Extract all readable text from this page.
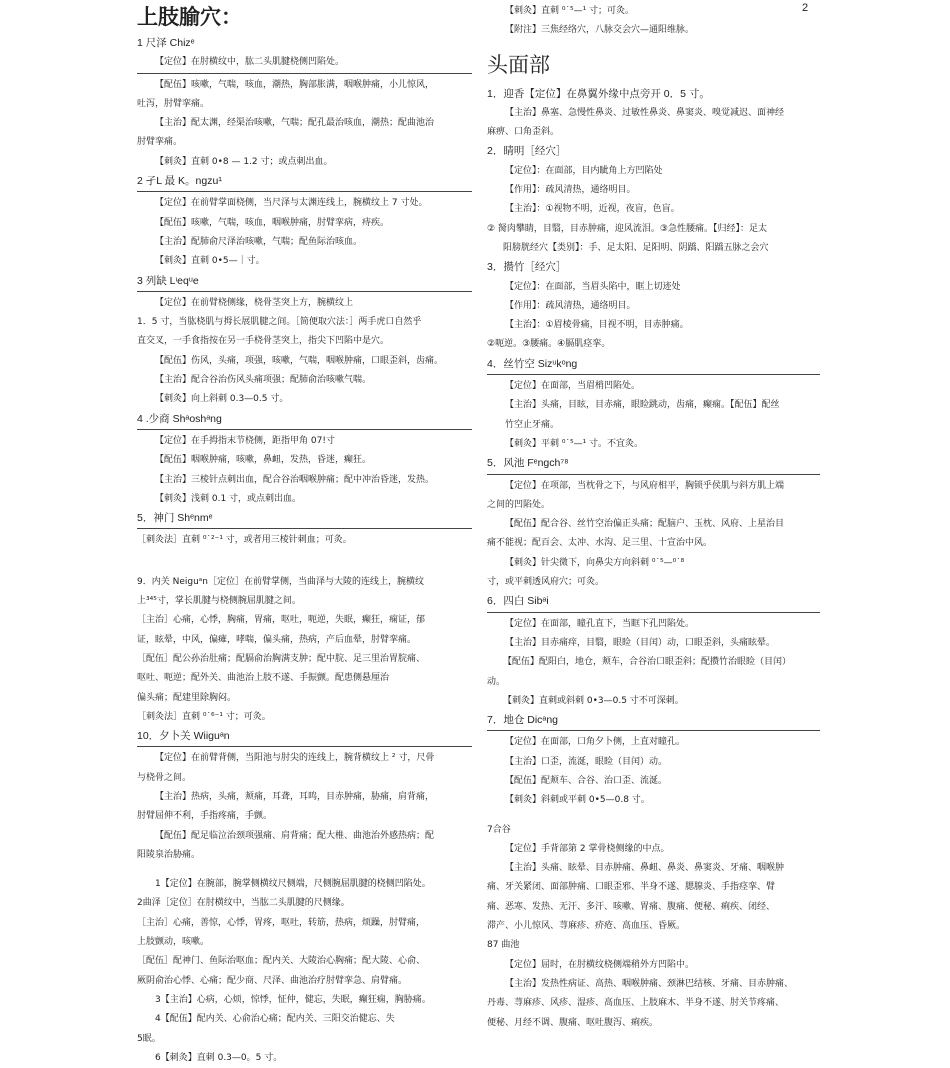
2
上肢腧穴：
1 尺泽 Chizᵉ
【定位】在肘横纹中，肱二头肌腱桡侧凹陷处。
【配伍】咳嗽，气喘，咳血，潮热，胸部胀满，咽喉肿痛，小儿惊风，
吐泻，肘臂挛痛。
【主治】配太渊，经渠治咳嗽，气喘；配孔最治咳血，潮热；配曲池治
肘臂挛痛。
【刺灸】直刺 0•8 — 1.2 寸；或点刺出血。
2 孑L 最 K。ngzu¹
【定位】在前臂掌面桡侧，当尺泽与太渊连线上，腕横纹上 7 寸处。
【配伍】咳嗽，气喘，咳血，咽喉肿痛，肘臂挛病，痔疾。
【主治】配肺俞尺泽治咳嗽，气喘；配鱼际治咳血。
【刺灸】直刺 0•5—｜寸。
3 列缺 Lᶦeqᵘe
【定位】在前臂桡侧缘，桡骨茎突上方，腕横纹上
1．5 寸，当肱桡肌与拇长展肌腱之间。［简便取穴法：］两手虎口自然乎
直交叉，一手食指按在另一手桡骨茎突上，指尖下凹陷中是穴。
【配伍】伤风，头痛，项强，咳嗽，气喘，咽喉肿痛，口眼歪斜，齿痛。
【主治】配合谷治伤风头痛项强；配肺俞治咳嗽气喘。
【刺灸】向上斜刺 0.3—0.5 寸。
4 .少商 Shᵃoshᵃng
【定位】在手拇指末节桡侧，距指甲角 07!寸
【配伍】咽喉肿痛，咳嗽，鼻衄，发热，昏迷，癫狂。
【主治】三棱针点刺出血，配合谷治咽喉肿痛；配中冲治昏迷，发热。
【刺灸】浅刺 0.1 寸，或点刺出血。
5．神门 Shᵉnmᵉ
［刺灸法］直刺 ⁰˙²⁻¹ 寸，或者用三棱针刺血；可灸。
9．内关 Neiguᵃn［定位］在前臂掌侧，当曲泽与大陵的连线上，腕横纹
上³⁴⁵寸，掌长肌腱与桡侧腕屈肌腱之间。
［主治］心痛，心悸，胸痛，胃痛，呕吐，呃逆，失眠，癫狂，痫证，郁
证，眩晕，中风，偏瘫，哮喘，偏头痛，热病，产后血晕，肘臂挛痛。
［配伍］配公孙治肚痛；配膈俞治胸满支肿；配中脘、足三里治胃脘痛、
呕吐、呃逆；配外关、曲池治上肢不遂、手振颤。配患侧悬厘治
偏头痛；配建里除胸闷。
［刺灸法］直刺 ⁰˙⁶⁻¹ 寸；可灸。
10．夕卜关 Wiiguᵃn
【定位】在前臂背侧，当阳池与肘尖的连线上，腕背横纹上 ² 寸，尺骨
与桡骨之间。
【主治】热病，头痛，颊痛，耳聋，耳鸣，目赤肿痛，胁痛，肩背痛，
肘臂屈伸不利，手指疼痛，手颤。
【配伍】配足临泣治颈项强痛、肩背痛；配大椎、曲池治外感热病；配
阳陵泉治胁痛。
1【定位】在腕部，腕掌侧横纹尺侧端，尺侧腕屈肌腱的桡侧凹陷处。
2曲泽［定位］在肘横纹中，当肱二头肌腱的尺侧缘。
［主治］心痛，善惊，心悸，胃疼，呕吐，转筋，热病，烦躁，肘臂痛，
上肢颤动，咳嗽。
［配伍］配神门、鱼际治呕血；配内关、大陵治心胸痛；配大陵、心俞、
厥阴俞治心悸、心痛；配少商、尺泽、曲池治疗肘臂挛急、肩臂痛。
3【主治】心病，心烦，惊悸，怔仲，健忘，失眠，癫狂痫，胸胁痛。
4【配伍】配内关、心俞治心痛；配内关、三阳交治健忘、失
5眠。
6【刺灸】直刺 0.3—0。5 寸。
【刺灸】直刺 ⁰˙⁵—¹ 寸；可灸。
【附注】三焦经络穴，八脉交会穴—通阳维脉。
头面部
1．迎香【定位】在鼻翼外缘中点旁开 0．5 寸。
【主治】鼻塞、急慢性鼻炎、过敏性鼻炎、鼻窦炎、嗅觉减迟、面神经
麻痹、口角歪斜。
2．睛明［经穴］
【定位】：在面部，目内眦角上方凹陷处
【作用】：疏风清热，通络明目。
【主治】：①视物不明，近视，夜盲，色盲。
② 胬肉攀睛，目翳，目赤肿痛，迎风流泪。③急性腰痛。【归经】：足太
阳膀胱经穴【类别】：手、足太阳、足阳明、阴蹻、阳蹻五脉之会穴
3．攒竹［经穴］
【定位】：在面部，当眉头陷中，眶上切迹处
【作用】：疏风清热，通络明目。
【主治】：①眉棱骨痛，目视不明，目赤肿痛。
②呃逆。③腰痛。④膈肌痉挛。
4．丝竹空 Sizᵘkᵒng
【定位】在面部，当眉梢凹陷处。
【主治】头痛，目眩，目赤痛，眼睑跳动，齿痛，癫痫。【配伍】配丝
竹空止牙痛。
【刺灸】平刺 ⁰˙⁵—¹ 寸。不宜灸。
5．风池 Fᵉngch⁷⁸
【定位】在项部，当枕骨之下，与风府相平，胸锁乎侯肌与斜方肌上端
之间的凹陷处。
【配伍】配合谷、丝竹空治偏正头痛；配脑户、玉枕、风府、上星治目
痛不能视；配百会、太冲、水沟、足三里、十宣治中风。
【刺灸】针尖微下，向鼻尖方向斜刺 ⁰˙⁵—⁰˙⁸
寸，或平刺透风府穴；可灸。
6．四白 Sibᵃi
【定位】在面部，瞳孔直下，当眶下孔凹陷处。
【主治】目赤痛痒，目翳，眼睑（目闰）动，口眼歪斜，头痛眩晕。
【配伍】配阳白，地仓，颊车，合谷治口眼歪斜；配攒竹治眼睑（目闰）
动。
【刺灸】直刺或斜刺 0•3—0.5 寸不可深刺。
7．地仓 Dicᵃng
【定位】在面部，口角夕卜侧，上直对瞳孔。
【主治】口歪，流涎，眼睑（目闰）动。
【配伍】配颊车、合谷、治口歪、流涎。
【刺灸】斜刺或平刺 0•5—0.8 寸。
7合谷
【定位】手背部第 2 掌骨桡侧缘的中点。
【主治】头痛、眩晕、目赤肿痛、鼻衄、鼻炎、鼻窦炎、牙痛、咽喉肿
痛、牙关紧闭、面部肿痛、口眼歪邪、半身不遂、腮腺炎、手指痉挛、臂
痛、恶寒、发热、无汗、多汗、咳嗽、胃痛、腹痛、便秘、痢疾、闭经、
滞产、小儿惊风、荨麻疹、疥疮、高血压、昏厥。
87 曲池
【定位】屈时，在肘横纹桡侧端稍外方凹陷中。
【主治】发热性病证、高热、咽喉肿痛、颈淋巴结核、牙痛、目赤肿痛、
丹毒、荨麻疹、风疹、湿疹、高血压、上肢麻木、半身不遂、肘关节疼痛、
便秘、月经不调、腹痛、呕吐腹泻、痢疾。
